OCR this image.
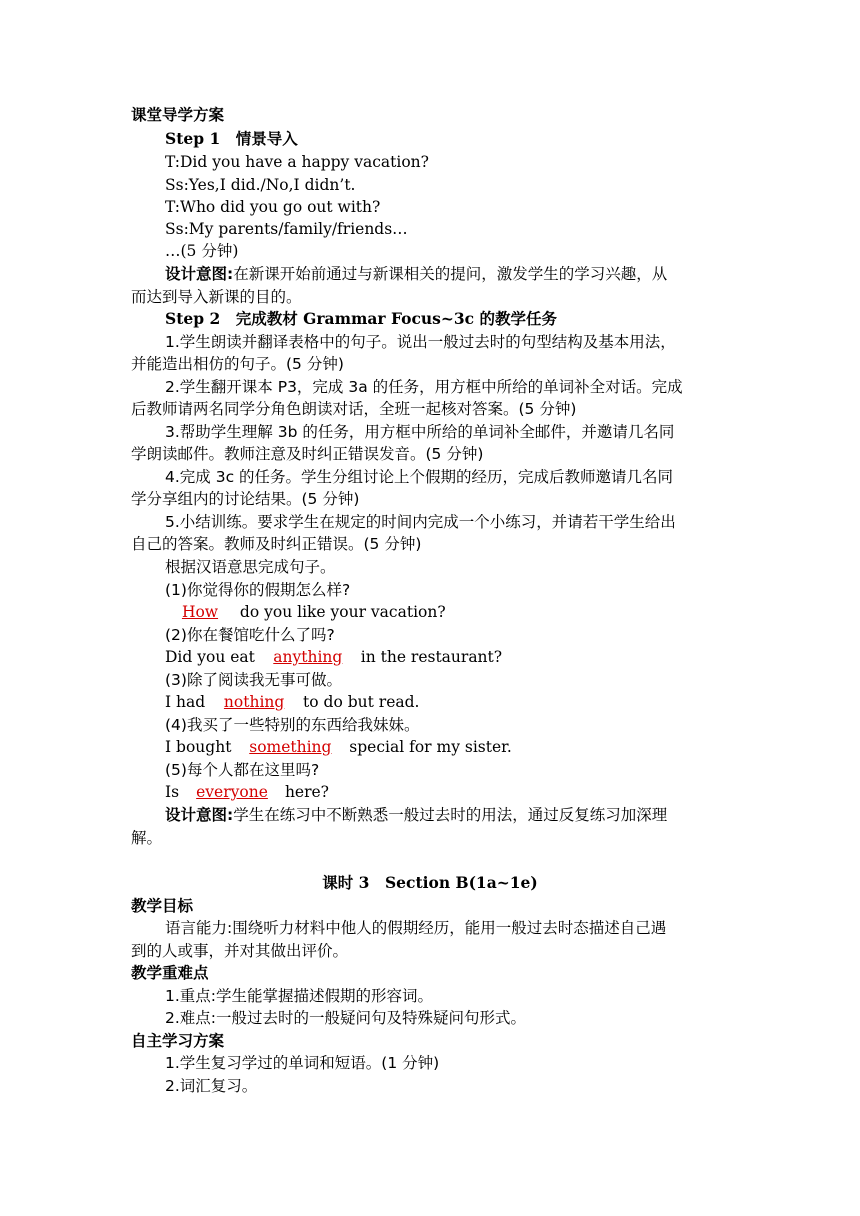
课堂导学方案
Step 1　情景导入
T:Did you have a happy vacation?
Ss:Yes,I did./No,I didn’t.
T:Who did you go out with?
Ss:My parents/family/friends…
…(5 分钟)
设计意图:在新课开始前通过与新课相关的提问，激发学生的学习兴趣，从
而达到导入新课的目的。
Step 2　完成教材 Grammar Focus~3c 的教学任务
1.学生朗读并翻译表格中的句子。说出一般过去时的句型结构及基本用法，
并能造出相仿的句子。(5 分钟)
2.学生翻开课本 P3，完成 3a 的任务，用方框中所给的单词补全对话。完成
后教师请两名同学分角色朗读对话，全班一起核对答案。(5 分钟)
3.帮助学生理解 3b 的任务，用方框中所给的单词补全邮件，并邀请几名同
学朗读邮件。教师注意及时纠正错误发音。(5 分钟)
4.完成 3c 的任务。学生分组讨论上个假期的经历，完成后教师邀请几名同
学分享组内的讨论结果。(5 分钟)
5.小结训练。要求学生在规定的时间内完成一个小练习，并请若干学生给出
自己的答案。教师及时纠正错误。(5 分钟)
根据汉语意思完成句子。
(1)你觉得你的假期怎么样?
How do you like your vacation?
(2)你在餐馆吃什么了吗?
Did you eat anything in the restaurant?
(3)除了阅读我无事可做。
I had nothing to do but read.
(4)我买了一些特别的东西给我妹妹。
I bought something special for my sister.
(5)每个人都在这里吗?
Is everyone here?
设计意图:学生在练习中不断熟悉一般过去时的用法，通过反复练习加深理
解。
课时 3　Section B(1a~1e)
教学目标
语言能力:围绕听力材料中他人的假期经历，能用一般过去时态描述自己遇
到的人或事，并对其做出评价。
教学重难点
1.重点:学生能掌握描述假期的形容词。
2.难点:一般过去时的一般疑问句及特殊疑问句形式。
自主学习方案
1.学生复习学过的单词和短语。(1 分钟)
2.词汇复习。
